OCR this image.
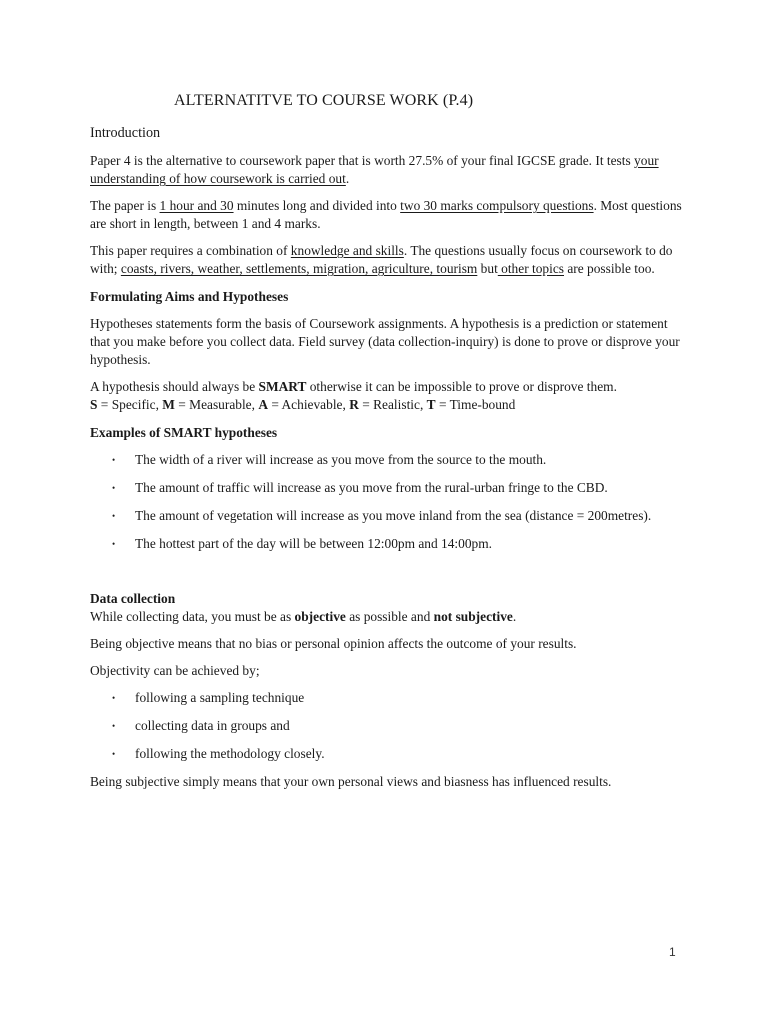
ALTERNATITVE TO COURSE WORK (P.4)
Introduction

Paper 4 is the alternative to coursework paper that is worth 27.5% of your final IGCSE grade. It tests your understanding of how coursework is carried out.

The paper is 1 hour and 30 minutes long and divided into two 30 marks compulsory questions. Most questions are short in length, between 1 and 4 marks.

This paper requires a combination of knowledge and skills. The questions usually focus on coursework to do with; coasts, rivers, weather, settlements, migration, agriculture, tourism but other topics are possible too.

Formulating Aims and Hypotheses

Hypotheses statements form the basis of Coursework assignments. A hypothesis is a prediction or statement that you make before you collect data. Field survey (data collection-inquiry) is done to prove or disprove your hypothesis.

A hypothesis should always be SMART otherwise it can be impossible to prove or disprove them.
S = Specific, M = Measurable, A = Achievable, R = Realistic, T = Time-bound

Examples of SMART hypotheses
• The width of a river will increase as you move from the source to the mouth.
• The amount of traffic will increase as you move from the rural-urban fringe to the CBD.
• The amount of vegetation will increase as you move inland from the sea (distance = 200metres).
• The hottest part of the day will be between 12:00pm and 14:00pm.
Data collection

While collecting data, you must be as objective as possible and not subjective.

Being objective means that no bias or personal opinion affects the outcome of your results.

Objectivity can be achieved by;

• following a sampling technique
• collecting data in groups and
• following the methodology closely.

Being subjective simply means that your own personal views and biasness has influenced results.

1
